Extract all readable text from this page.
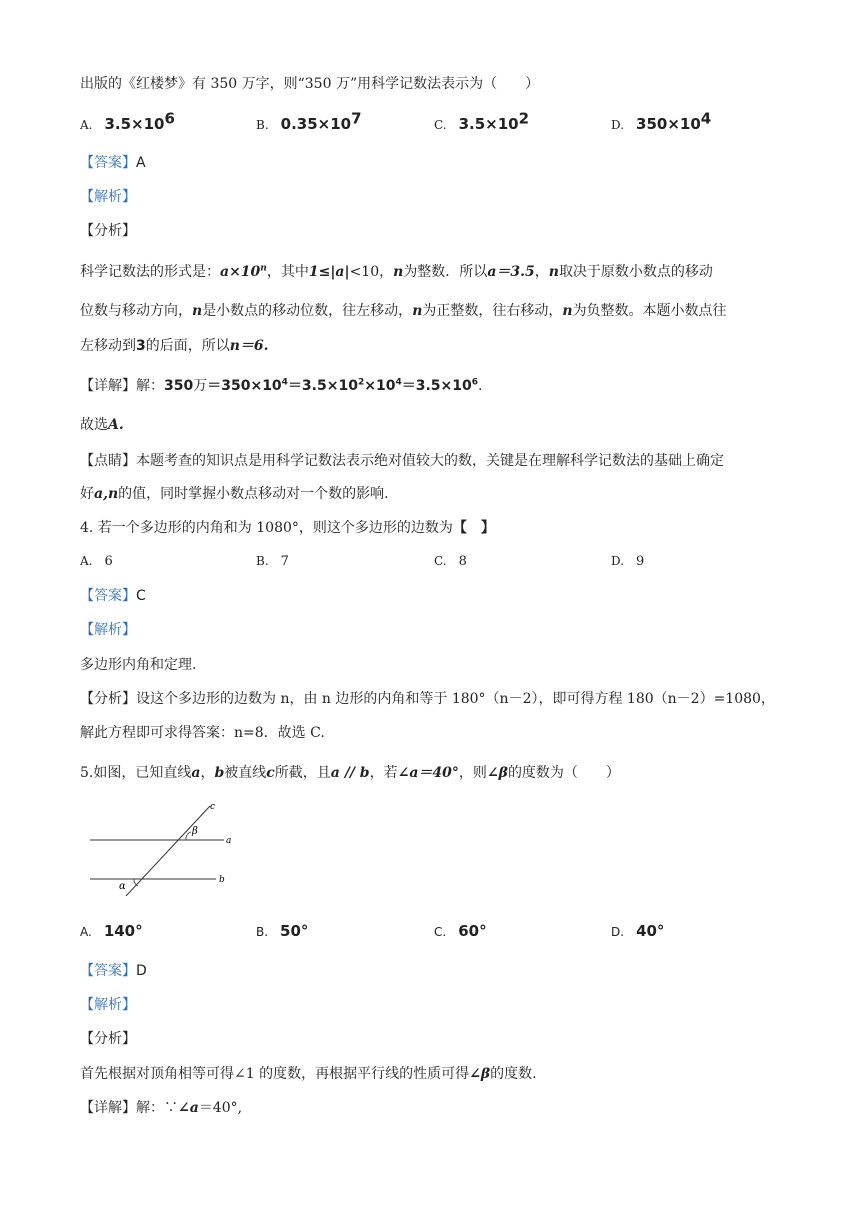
出版的《红楼梦》有 350 万字，则“350 万”用科学记数法表示为（　　）
A. $3.5\times 10^6$	B. $0.35\times 10^7$	C. $3.5\times 10^2$	D. $350\times 10^4$
【答案】A
【解析】
【分析】
科学记数法的形式是：$a\times 10^n$，其中1≤|a|<10，n为整数．所以a＝3.5，n取决于原数小数点的移动
位数与移动方向，n是小数点的移动位数，往左移动，n为正整数，往右移动，n为负整数。本题小数点往
左移动到3的后面，所以n＝6.
【详解】解：350万$=350\times 10^4=3.5\times 10^2\times 10^4=3.5\times 10^6$.
故选A.
【点睛】本题考查的知识点是用科学记数法表示绝对值较大的数，关键是在理解科学记数法的基础上确定
好a,n的值，同时掌握小数点移动对一个数的影响.
4. 若一个多边形的内角和为 1080°，则这个多边形的边数为【　】
A. 6	B. 7	C. 8	D. 9
【答案】C
【解析】
多边形内角和定理.
【分析】设这个多边形的边数为 n，由 n 边形的内角和等于 180°（n－2），即可得方程 180（n－2）=1080，
解此方程即可求得答案：n=8．故选 C.
5.如图，已知直线a，b被直线c所截，且a // b，若∠a＝40°，则∠β的度数为（　　）
c
β
a
α
b
A. 140°	B. 50°	C. 60°	D. 40°
【答案】D
【解析】
【分析】
首先根据对顶角相等可得∠1 的度数，再根据平行线的性质可得∠β的度数.
【详解】解：∵∠a＝40°,
